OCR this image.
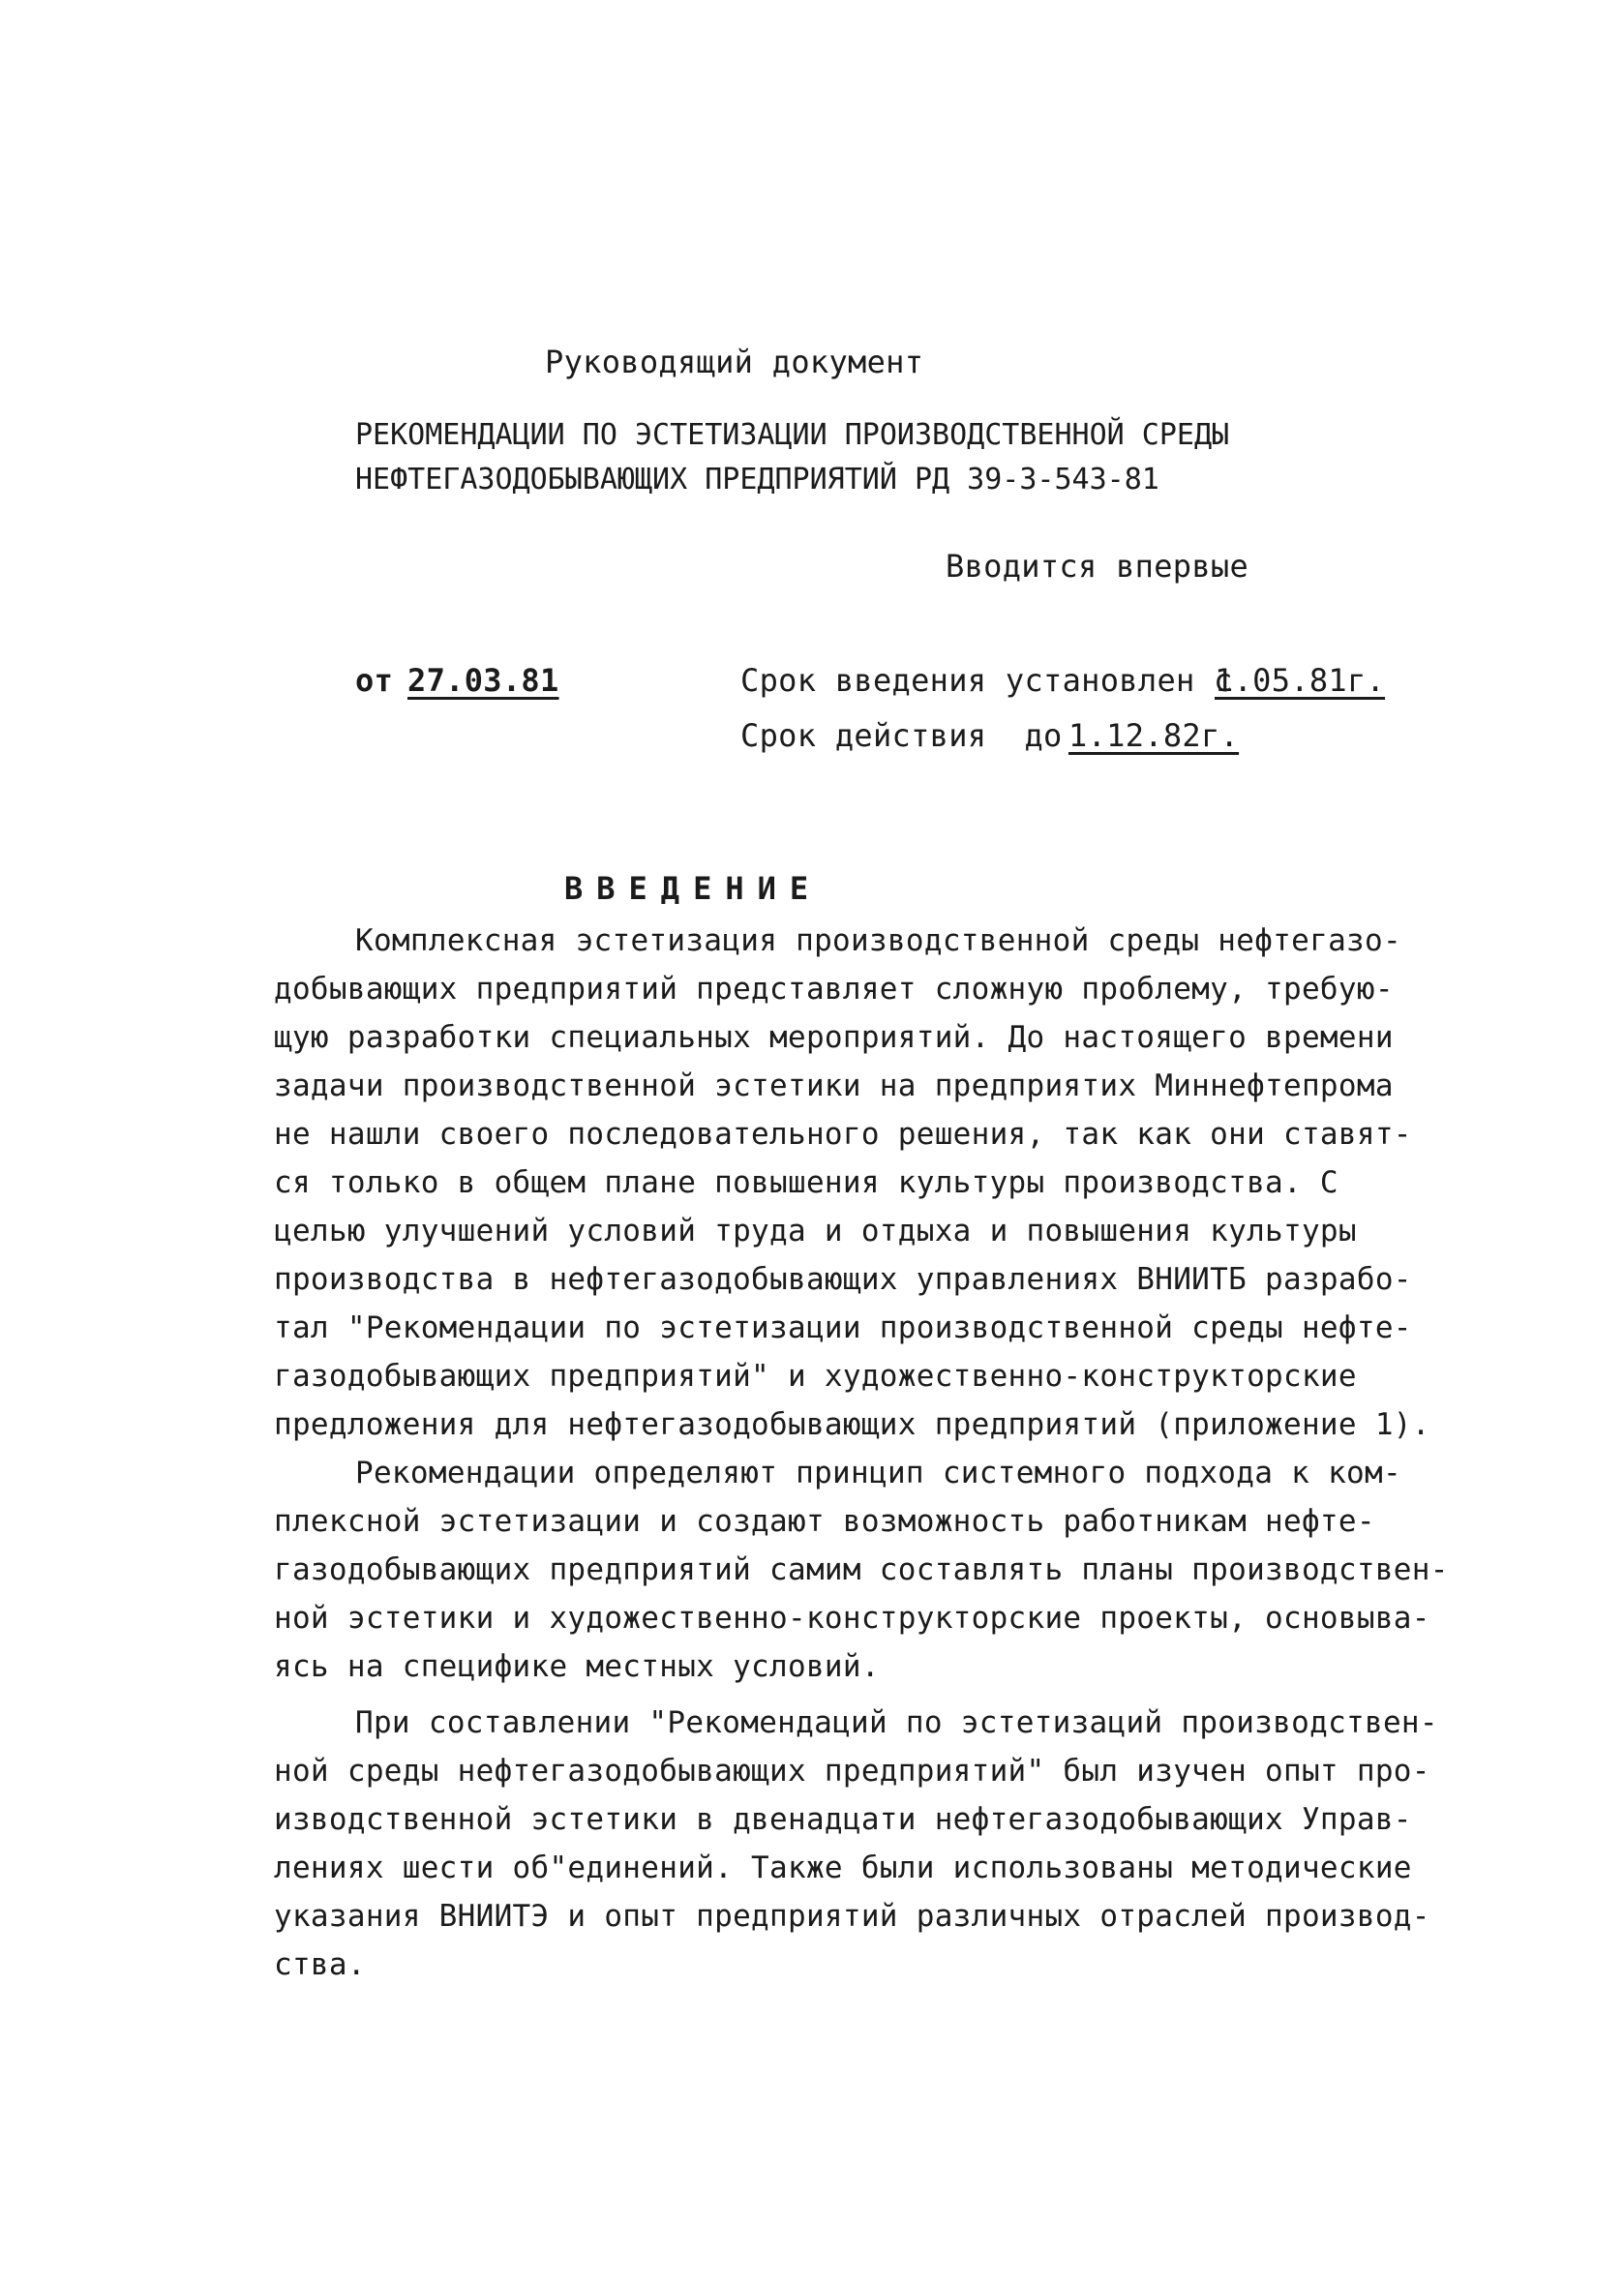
Руководящий документ
РЕКОМЕНДАЦИИ ПО ЭСТЕТИЗАЦИИ ПРОИЗВОДСТВЕННОЙ СРЕДЫ
НЕФТЕГАЗОДОБЫВАЮЩИХ ПРЕДПРИЯТИЙ РД 39-3-543-81
Вводится впервые
от 27.03.81	Срок введения установлен с
1.05.81г.
Срок действия  до 1.12.82г.
ВВЕДЕНИЕ
Комплексная эстетизация производственной среды нефтегазо-
добывающих предприятий представляет сложную проблему, требую-
щую разработки специальных мероприятий. До настоящего времени
задачи производственной эстетики на предприятих Миннефтепрома
не нашли своего последовательного решения, так как они ставят-
ся только в общем плане повышения культуры производства. С
целью улучшений условий труда и отдыха и повышения культуры
производства в нефтегазодобывающих управлениях ВНИИТБ разрабо-
тал "Рекомендации по эстетизации производственной среды нефте-
газодобывающих предприятий" и художественно-конструкторские
предложения для нефтегазодобывающих предприятий (приложение 1).
Рекомендации определяют принцип системного подхода к ком-
плексной эстетизации и создают возможность работникам нефте-
газодобывающих предприятий самим составлять планы производствен-
ной эстетики и художественно-конструкторские проекты, основыва-
ясь на специфике местных условий.
При составлении "Рекомендаций по эстетизаций производствен-
ной среды нефтегазодобывающих предприятий" был изучен опыт про-
изводственной эстетики в двенадцати нефтегазодобывающих Управ-
лениях шести об"единений. Также были использованы методические
указания ВНИИТЭ и опыт предприятий различных отраслей производ-
ства.
